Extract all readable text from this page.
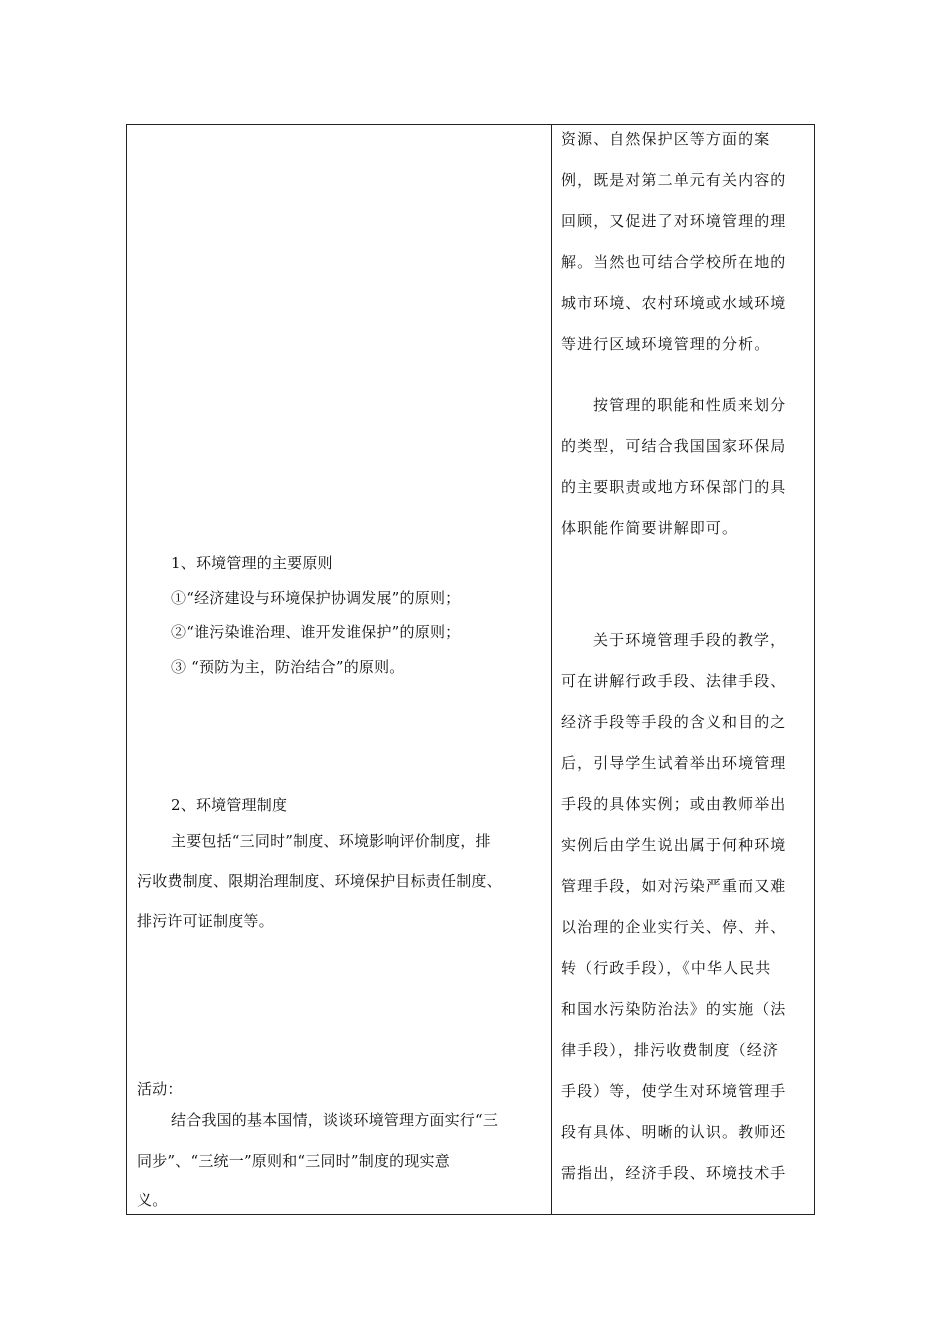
1、环境管理的主要原则
①“经济建设与环境保护协调发展”的原则；
②“谁污染谁治理、谁开发谁保护”的原则；
③ “预防为主，防治结合”的原则。
2、环境管理制度
主要包括“三同时”制度、环境影响评价制度，排
污收费制度、限期治理制度、环境保护目标责任制度、
排污许可证制度等。
活动：
结合我国的基本国情，谈谈环境管理方面实行“三
同步”、“三统一”原则和“三同时”制度的现实意
义。
资源、自然保护区等方面的案
例，既是对第二单元有关内容的
回顾，又促进了对环境管理的理
解。当然也可结合学校所在地的
城市环境、农村环境或水域环境
等进行区域环境管理的分析。
按管理的职能和性质来划分
的类型，可结合我国国家环保局
的主要职责或地方环保部门的具
体职能作简要讲解即可。
关于环境管理手段的教学，
可在讲解行政手段、法律手段、
经济手段等手段的含义和目的之
后，引导学生试着举出环境管理
手段的具体实例；或由教师举出
实例后由学生说出属于何种环境
管理手段，如对污染严重而又难
以治理的企业实行关、停、并、
转（行政手段），《中华人民共
和国水污染防治法》的实施（法
律手段），排污收费制度（经济
手段）等，使学生对环境管理手
段有具体、明晰的认识。教师还
需指出，经济手段、环境技术手
